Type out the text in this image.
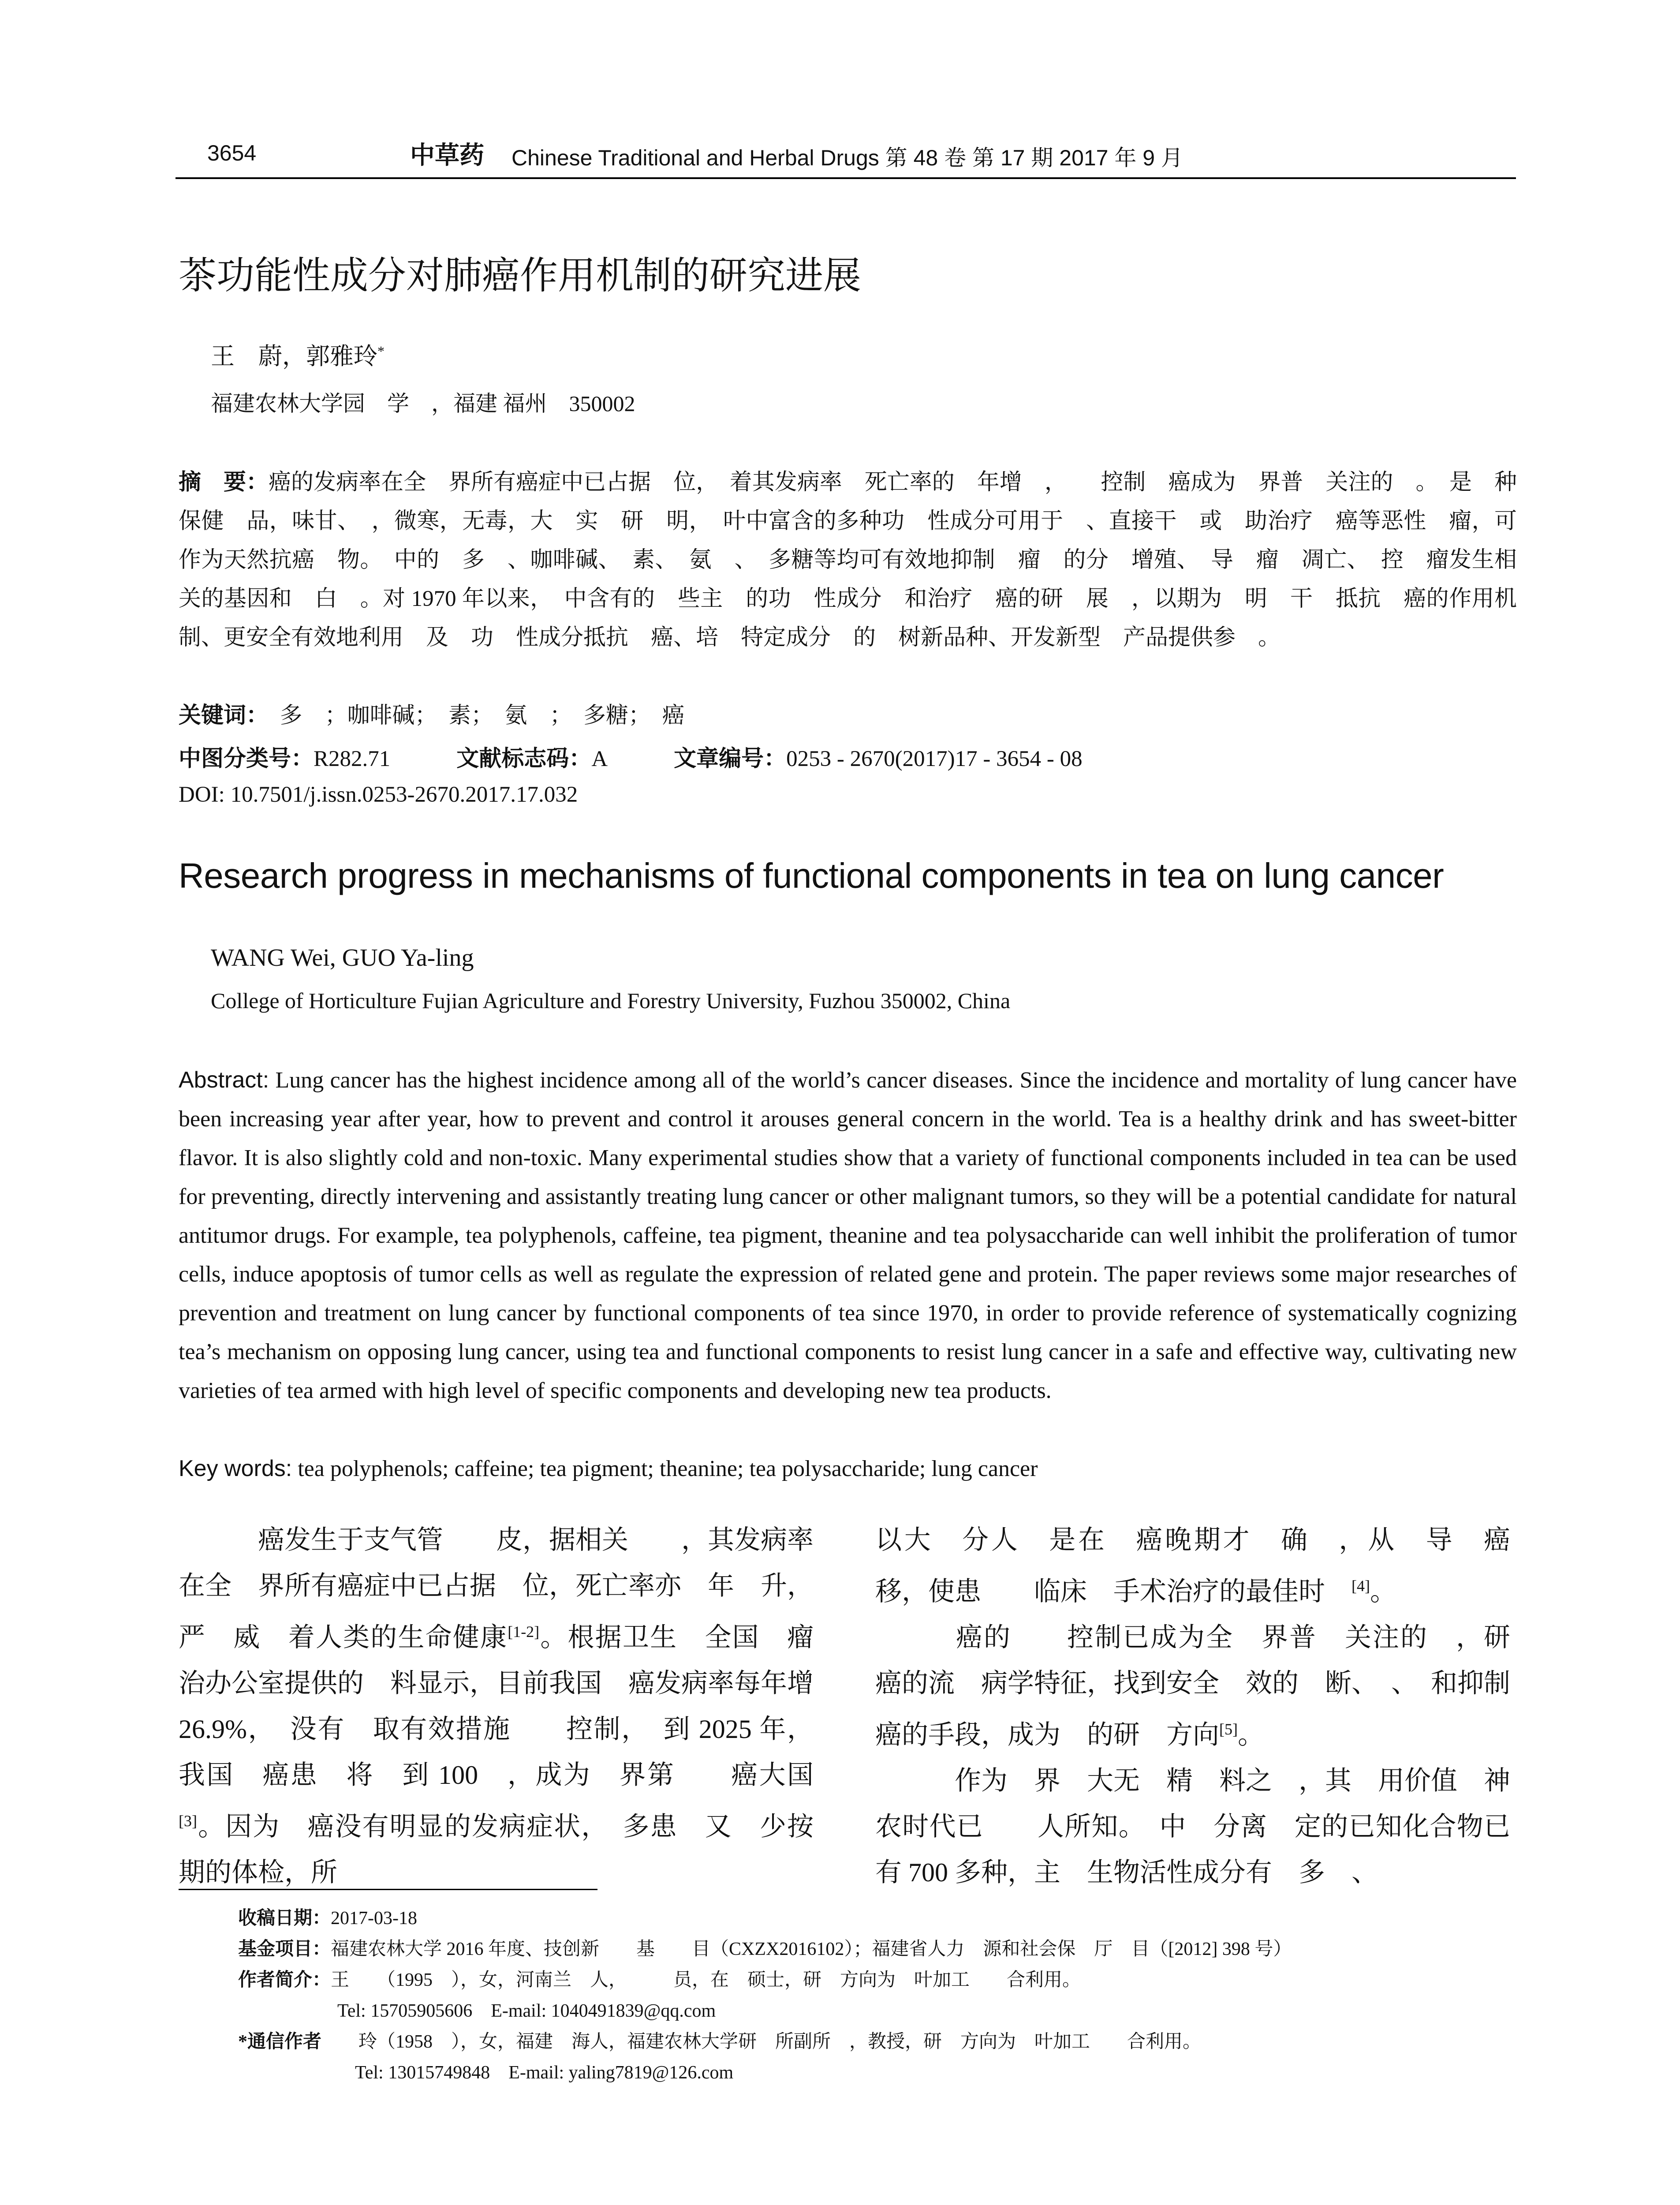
3654	中草药 Chinese Traditional and Herbal Drugs 第 48 卷 第 17 期 2017 年 9 月
茶功能性成分对肺癌作用机制的研究进展
王　蔚，郭雅玲*
福建农林大学园　学　，福建 福州　350002
摘　要：癌的发病率在全　界所有癌症中已占据　位，　着其发病率　死亡率的　年增　，　　控制　癌成为　界普　关注的　。　是　种保健　品，味甘、　，微寒，无毒，大　实　研　明，　叶中富含的多种功　性成分可用于　、直接干　或　助治疗　癌等恶性　瘤，可作为天然抗癌　物。　中的　多　、咖啡碱、　素、　氨　、　多糖等均可有效地抑制　瘤　的分　增殖、　导　瘤　凋亡、　控　瘤发生相关的基因和　白　。对 1970 年以来，　中含有的　些主　的功　性成分　和治疗　癌的研　展　，以期为　明　干　抵抗　癌的作用机制、更安全有效地利用　及　功　性成分抵抗　癌、培　特定成分　的　树新品种、开发新型　产品提供参　。
关键词：　多　；咖啡碱；　素；　氨　；　多糖；　癌
中图分类号：R282.71	文献标志码：A	文章编号：0253 - 2670(2017)17 - 3654 - 08
DOI: 10.7501/j.issn.0253-2670.2017.17.032
Research progress in mechanisms of functional components in tea on lung cancer
WANG Wei, GUO Ya-ling
College of Horticulture Fujian Agriculture and Forestry University, Fuzhou 350002, China
Abstract: Lung cancer has the highest incidence among all of the world’s cancer diseases. Since the incidence and mortality of lung cancer have been increasing year after year, how to prevent and control it arouses general concern in the world. Tea is a healthy drink and has sweet-bitter flavor. It is also slightly cold and non-toxic. Many experimental studies show that a variety of functional components included in tea can be used for preventing, directly intervening and assistantly treating lung cancer or other malignant tumors, so they will be a potential candidate for natural antitumor drugs. For example, tea polyphenols, caffeine, tea pigment, theanine and tea polysaccharide can well inhibit the proliferation of tumor cells, induce apoptosis of tumor cells as well as regulate the expression of related gene and protein. The paper reviews some major researches of prevention and treatment on lung cancer by functional components of tea since 1970, in order to provide reference of systematically cognizing tea’s mechanism on opposing lung cancer, using tea and functional components to resist lung cancer in a safe and effective way, cultivating new varieties of tea armed with high level of specific components and developing new tea products.
Key words: tea polyphenols; caffeine; tea pigment; theanine; tea polysaccharide; lung cancer

　癌发生于支气管　　皮，据相关　　，其发病率在全　界所有癌症中已占据　位，死亡率亦　年　升，严　威　着人类的生命健康[1-2]。根据卫生　全国　瘤　治办公室提供的　料显示，目前我国　癌发病率每年增　26.9%，　没有　取有效措施　　控制，　到 2025 年，我国　癌患　将　到 100　，成为　界第　　癌大国[3]。因为　癌没有明显的发病症状，　多患　又　少按期的体检，所

以大　分人　是在　癌晚期才　确　，从　导　癌　移，使患　　临床　手术治疗的最佳时　[4]。

　癌的　　控制已成为全　界普　关注的　，研　　癌的流　病学特征，找到安全　效的　断、　、　和抑制　癌的手段，成为　的研　方向[5]。

　作为　界　大无　精　料之　，其　用价值　神农时代已　　人所知。　中　分离　定的已知化合物已有 700 多种，主　生物活性成分有　多　、

收稿日期：2017-03-18
基金项目：福建农林大学 2016 年度、技创新　　基　　目（CXZX2016102）；福建省人力　源和社会保　厅　目（[2012] 398 号）
作者简介：王　　（1995　），女，河南兰　人，　　　员，在　硕士，研　方向为　叶加工　　合利用。
Tel: 15705905606　E-mail: 1040491839@qq.com
*通信作者　　玲（1958　），女，福建　海人，福建农林大学研　所副所　，教授，研　方向为　叶加工　　合利用。
Tel: 13015749848　E-mail: yaling7819@126.com
